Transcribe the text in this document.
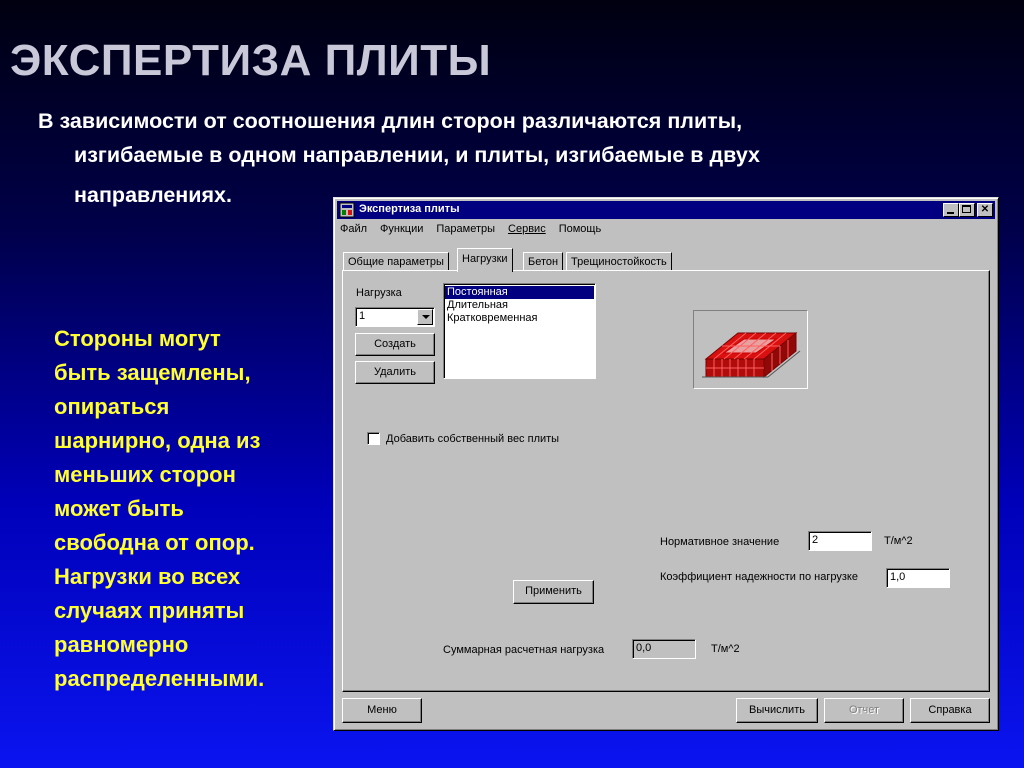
ЭКСПЕРТИЗА ПЛИТЫ
В зависимости от соотношения длин сторон различаются плиты,
изгибаемые в одном направлении, и плиты, изгибаемые в двух
направлениях.
Стороны могут
быть защемлены,
опираться
шарнирно, одна из
меньших сторон
может быть
свободна от опор.
Нагрузки во всех
случаях приняты
равномерно
распределенными.
Экспертиза плиты	✕
Файл Функции Параметры Сервис Помощь
Общие параметры	Нагрузки	Бетон	Трещиностойкость
Нагрузка
1
Создать
Удалить
Постоянная
Длительная
Кратковременная
Добавить собственный вес плиты
Нормативное значение	2	Т/м^2
Коэффициент надежности по нагрузке	1,0
Применить
Суммарная расчетная нагрузка	0,0	Т/м^2
Меню	Вычислить	Отчет	Справка
